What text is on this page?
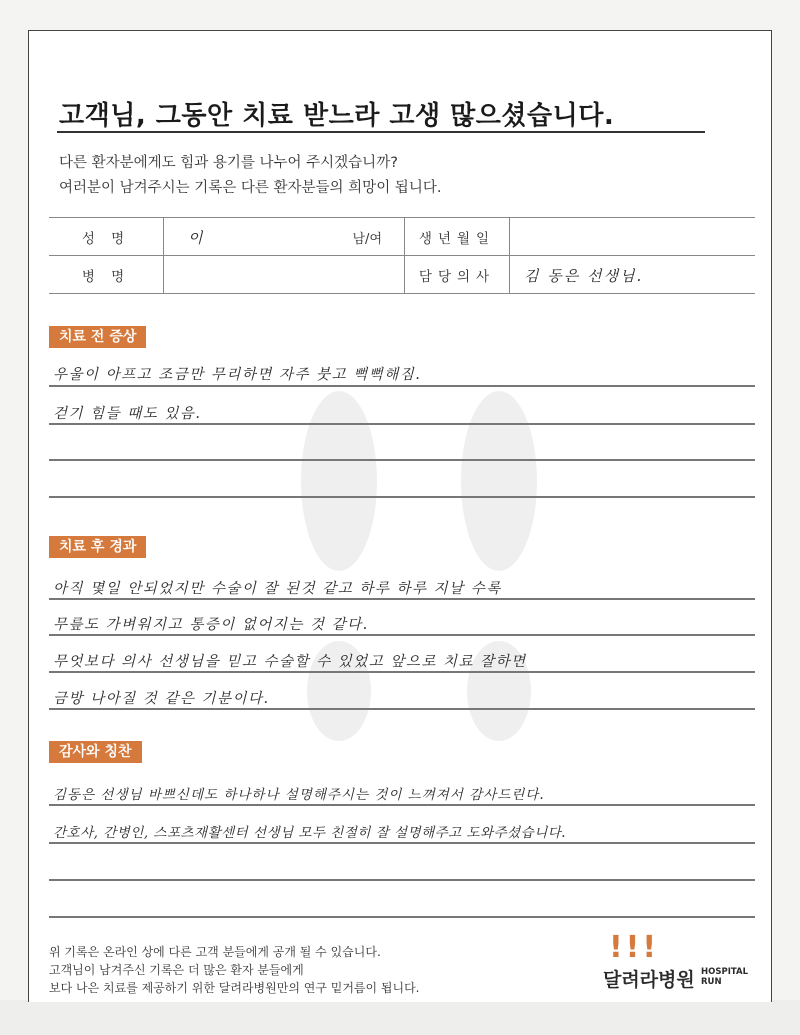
고객님, 그동안 치료 받느라 고생 많으셨습니다.
다른 환자분에게도 힘과 용기를 나누어 주시겠습니까?
여러분이 남겨주시는 기록은 다른 환자분들의 희망이 됩니다.
성 명	이 남/여	생년월일	
병 명		담당의사	김 동은 선생님.
치료 전 증상
우울이 아프고 조금만 무리하면 자주 붓고 뻑뻑해짐.
걷기 힘들 때도 있음.
치료 후 경과
아직 몇일 안되었지만 수술이 잘 된것 같고 하루 하루 지날 수록
무릎도 가벼워지고 통증이 없어지는 것 같다.
무엇보다 의사 선생님을 믿고 수술할 수 있었고 앞으로 치료 잘하면
금방 나아질 것 같은 기분이다.
감사와 칭찬
김동은 선생님 바쁘신데도 하나하나 설명해주시는 것이 느껴져서 감사드린다.
간호사, 간병인, 스포츠재활센터 선생님 모두 친절히 잘 설명해주고 도와주셨습니다.
위 기록은 온라인 상에 다른 고객 분들에게 공개 될 수 있습니다.
고객님이 남겨주신 기록은 더 많은 환자 분들에게
보다 나은 치료를 제공하기 위한 달려라병원만의 연구 밑거름이 됩니다.
!!!
달려라병원 HOSPITAL
RUN
